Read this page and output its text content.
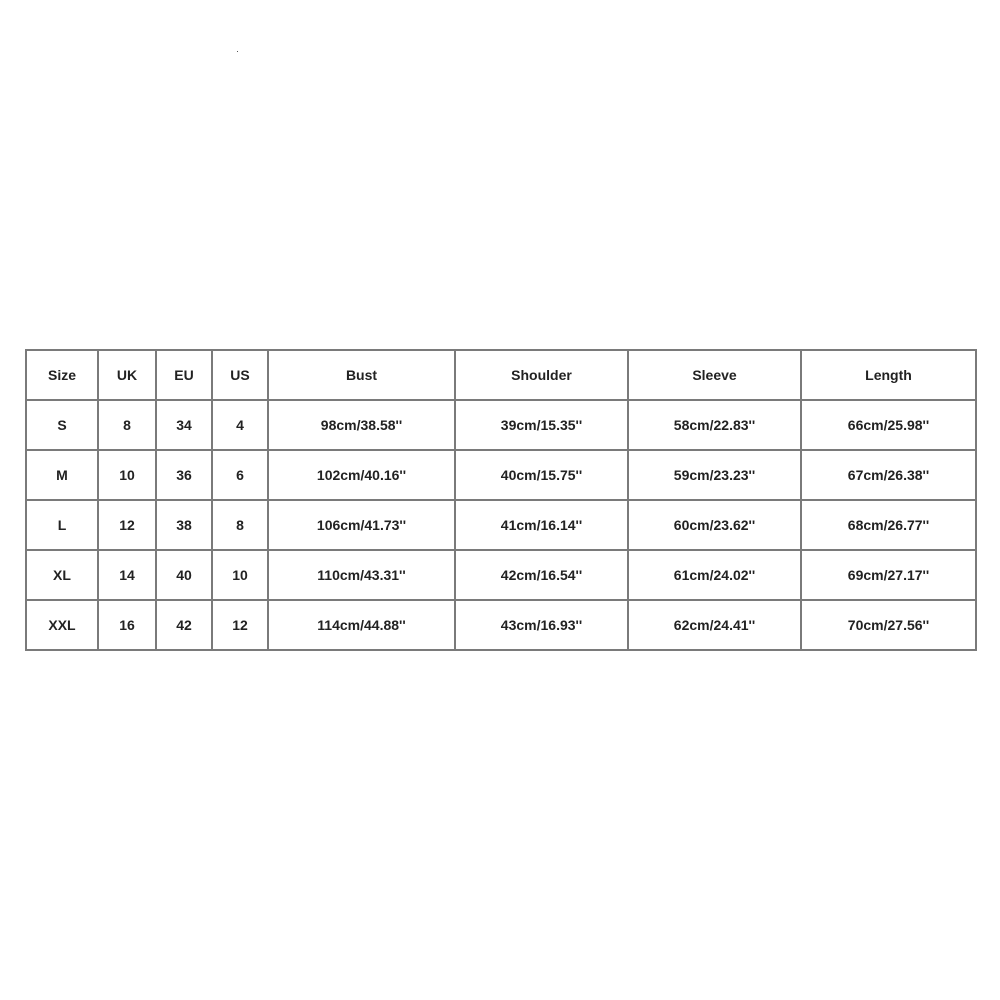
Size	UK	EU	US	Bust	Shoulder	Sleeve	Length
S	8	34	4	98cm/38.58''	39cm/15.35''	58cm/22.83''	66cm/25.98''
M	10	36	6	102cm/40.16''	40cm/15.75''	59cm/23.23''	67cm/26.38''
L	12	38	8	106cm/41.73''	41cm/16.14''	60cm/23.62''	68cm/26.77''
XL	14	40	10	110cm/43.31''	42cm/16.54''	61cm/24.02''	69cm/27.17''
XXL	16	42	12	114cm/44.88''	43cm/16.93''	62cm/24.41''	70cm/27.56''
